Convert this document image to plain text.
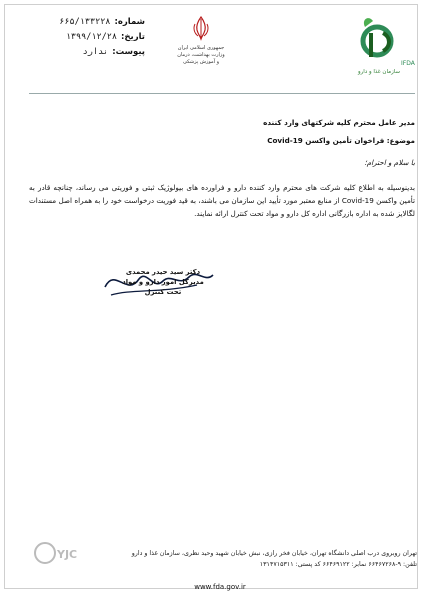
شماره:
۶۶۵/۱۳۳۲۲۸
تاریخ:
۱۳۹۹/۱۲/۲۸
پیوست:
ندارد	جمهوری اسلامی ایران
وزارت بهداشت، درمان
و آموزش پزشکی	IFDA
سازمان غذا و دارو
مدیر عامل محترم کلیه شرکتهای وارد کننده
موضوع: فراخوان تأمین واکسن Covid-19
با سلام و احترام؛
بدینوسیله به اطلاع کلیه شرکت های محترم وارد کننده دارو و فراورده های بیولوژیک ثبتی و فوریتی می رساند، چنانچه قادر به تأمین واکسن Covid-19 از منابع معتبر مورد تأیید این سازمان می باشند، به قید فوریت درخواست خود را به همراه اصل مستندات لگالایز شده به اداره بازرگانی اداره کل دارو و مواد تحت کنترل ارائه نمایند.
دکتر سید حیدر محمدی
مدیرکل امور دارو و مواد تحت کنترل
YJC	تهران روبروی درب اصلی دانشگاه تهران، خیابان فخر رازی، نبش خیابان شهید وحید نظری، سازمان غذا و دارو
تلفن: ۹-۶۶۴۶۷۲۶۸ نمابر: ۶۶۴۶۹۱۲۲ کد پستی: ۱۳۱۴۷۱۵۳۱۱
www.fda.gov.ir
